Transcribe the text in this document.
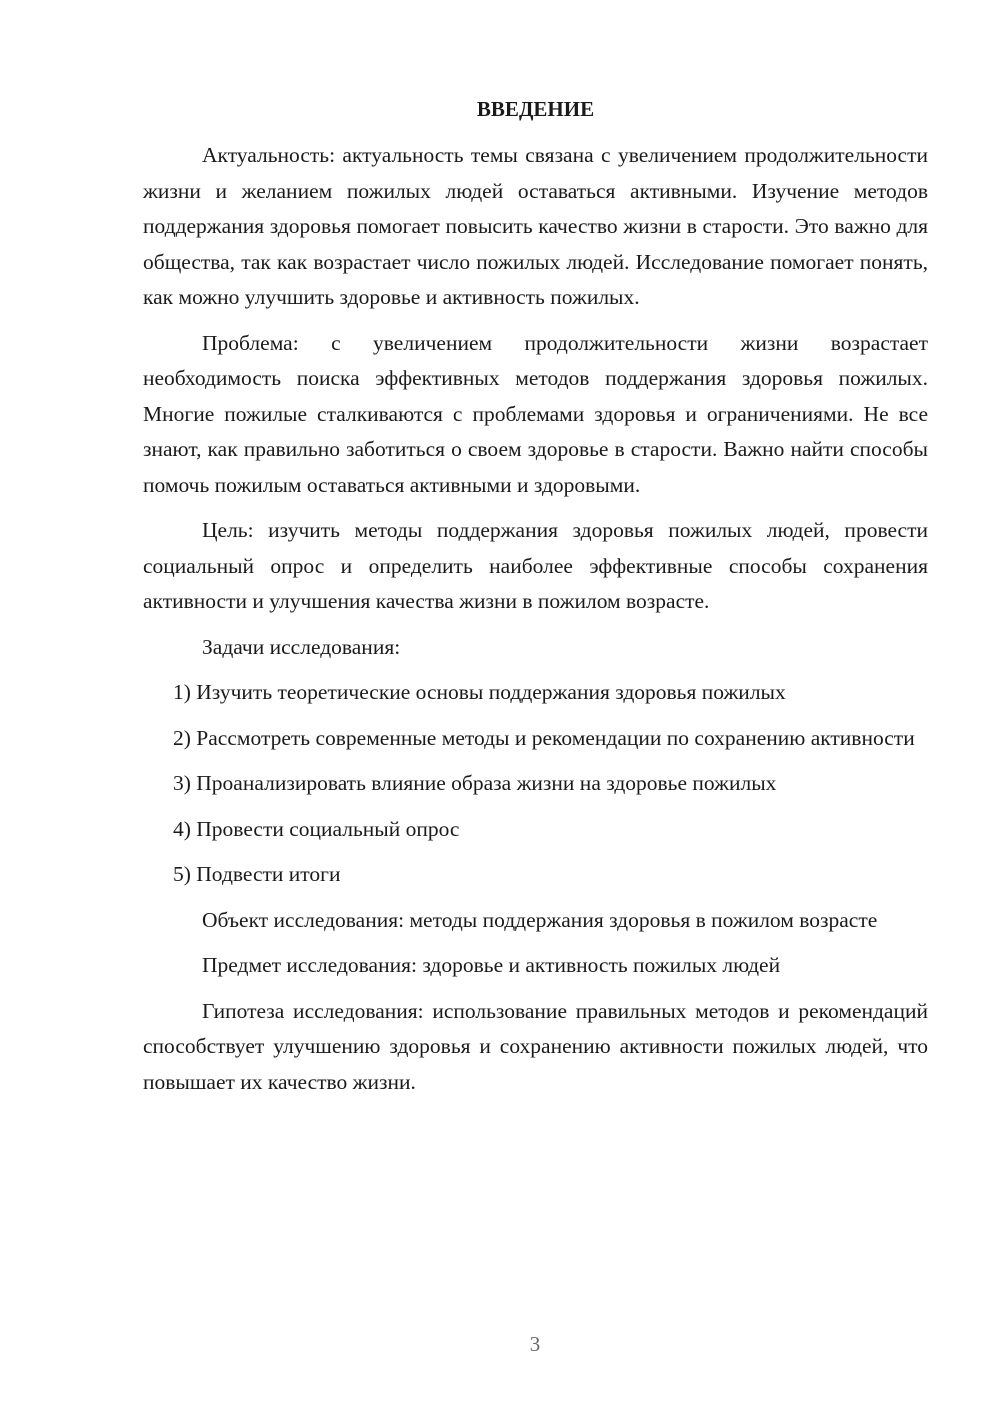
ВВЕДЕНИЕ

Актуальность: актуальность темы связана с увеличением продолжительности жизни и желанием пожилых людей оставаться активными. Изучение методов поддержания здоровья помогает повысить качество жизни в старости. Это важно для общества, так как возрастает число пожилых людей. Исследование помогает понять, как можно улучшить здоровье и активность пожилых.

Проблема: с увеличением продолжительности жизни возрастает необходимость поиска эффективных методов поддержания здоровья пожилых. Многие пожилые сталкиваются с проблемами здоровья и ограничениями. Не все знают, как правильно заботиться о своем здоровье в старости. Важно найти способы помочь пожилым оставаться активными и здоровыми.

Цель: изучить методы поддержания здоровья пожилых людей, провести социальный опрос и определить наиболее эффективные способы сохранения активности и улучшения качества жизни в пожилом возрасте.

Задачи исследования:

1) Изучить теоретические основы поддержания здоровья пожилых

2) Рассмотреть современные методы и рекомендации по сохранению активности

3) Проанализировать влияние образа жизни на здоровье пожилых

4) Провести социальный опрос

5) Подвести итоги

Объект исследования: методы поддержания здоровья в пожилом возрасте

Предмет исследования: здоровье и активность пожилых людей

Гипотеза исследования: использование правильных методов и рекомендаций способствует улучшению здоровья и сохранению активности пожилых людей, что повышает их качество жизни.

3
